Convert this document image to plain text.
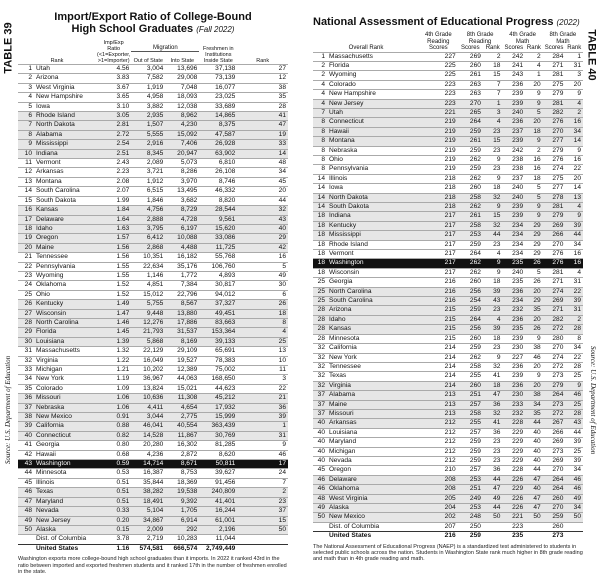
TABLE 39	TABLE 40
Source: U.S. Department of Education	Source: U.S. Department of Education
Import/Export Ratio of College-Bound
High School Graduates (Fall 2022)
Rank		Imp/Exp Ratio (<1=Exporter, >1=Importer)	Migration		Freshmen in Institutions Inside State	Rank
			Out of State	Into State		
1	Utah	4.56	3,004	13,696	37,138	27
2	Arizona	3.83	7,582	29,008	73,139	12
3	West Virginia	3.67	1,919	7,048	16,077	38
4	New Hampshire	3.65	4,958	18,093	23,025	35
5	Iowa	3.10	3,882	12,038	33,689	28
6	Rhode Island	3.05	2,935	8,962	14,865	41
7	North Dakota	2.81	1,507	4,230	8,375	47
8	Alabama	2.72	5,555	15,092	47,587	19
9	Mississippi	2.54	2,916	7,406	26,928	33
10	Indiana	2.51	8,345	20,947	63,902	14
11	Vermont	2.43	2,089	5,073	6,810	48
12	Arkansas	2.23	3,721	8,286	26,108	34
13	Montana	2.08	1,912	3,970	8,746	45
14	South Carolina	2.07	6,515	13,495	46,332	20
15	South Dakota	1.99	1,846	3,682	8,820	44
16	Kansas	1.84	4,756	8,729	28,544	32
17	Delaware	1.64	2,888	4,728	9,561	43
18	Idaho	1.63	3,795	6,197	15,620	40
19	Oregon	1.57	6,412	10,088	33,086	29
20	Maine	1.56	2,868	4,488	11,725	42
21	Tennessee	1.56	10,351	16,182	55,768	16
22	Pennsylvania	1.55	22,634	35,176	106,760	5
23	Wyoming	1.55	1,146	1,772	4,893	49
24	Oklahoma	1.52	4,851	7,384	30,817	30
25	Ohio	1.52	15,012	22,796	94,012	6
26	Kentucky	1.49	5,755	8,567	37,327	26
27	Wisconsin	1.47	9,448	13,880	49,451	18
28	North Carolina	1.46	12,276	17,886	83,663	8
29	Florida	1.45	21,793	31,537	153,364	4
30	Louisiana	1.39	5,868	8,169	39,133	25
31	Massachusetts	1.32	22,129	29,109	65,691	13
32	Virginia	1.22	16,049	19,527	78,383	10
33	Michigan	1.21	10,202	12,389	75,002	11
34	New York	1.19	36,967	44,063	168,650	3
35	Colorado	1.09	13,824	15,021	44,623	22
36	Missouri	1.06	10,636	11,308	45,212	21
37	Nebraska	1.06	4,411	4,654	17,932	36
38	New Mexico	0.91	3,044	2,775	15,999	39
39	California	0.88	46,041	40,554	363,439	1
40	Connecticut	0.82	14,528	11,867	30,769	31
41	Georgia	0.80	20,280	16,302	81,285	9
42	Hawaii	0.68	4,236	2,872	8,620	46
43	Washington	0.59	14,714	8,671	50,811	17
44	Minnesota	0.53	16,387	8,753	39,627	24
45	Illinois	0.51	35,844	18,369	91,456	7
46	Texas	0.51	38,282	19,538	240,809	2
47	Maryland	0.51	18,491	9,392	41,401	23
48	Nevada	0.33	5,104	1,705	16,244	37
49	New Jersey	0.20	34,867	6,914	61,001	15
50	Alaska	0.15	2,009	292	2,196	50
	Dist. of Columbia	3.78	2,719	10,283	11,044	
	United States	1.16	574,581	666,574	2,749,449	
Washington exports more college-bound high school graduates than it imports. In 2022 it ranked 43rd in the ratio between imported and exported freshmen students and it ranked 17th in the number of freshmen enrolled in the state.
National Assessment of Educational Progress (2022)
		4th Grade Reading	8th Grade Reading		4th Grade Math		8th Grade Math	
Overall Rank		Scores	Scores	Rank	Scores	Rank	Scores	Rank
1	Massachusetts	227	269	2	242	2	284	1
2	Florida	225	260	18	241	4	271	31
2	Wyoming	225	261	15	243	1	281	3
4	Colorado	223	263	7	236	20	275	20
4	New Hampshire	223	263	7	239	9	279	9
4	New Jersey	223	270	1	239	9	281	4
7	Utah	221	265	3	240	5	282	2
8	Connecticut	219	264	4	236	20	276	16
8	Hawaii	219	259	23	237	18	270	34
8	Montana	219	261	15	239	9	277	14
8	Nebraska	219	259	23	242	2	279	9
8	Ohio	219	262	9	238	16	276	16
8	Pennsylvania	219	259	23	238	16	274	22
14	Illinois	218	262	9	237	18	275	20
14	Iowa	218	260	18	240	5	277	14
14	North Dakota	218	258	32	240	5	278	13
14	South Dakota	218	262	9	239	9	281	4
18	Indiana	217	261	15	239	9	279	9
18	Kentucky	217	258	32	234	29	269	39
18	Mississippi	217	253	44	234	29	266	44
18	Rhode Island	217	259	23	234	29	270	34
18	Vermont	217	264	4	234	29	276	16
18	Washington	217	262	9	235	26	276	16
18	Wisconsin	217	262	9	240	5	281	4
25	Georgia	216	260	18	235	26	271	31
25	North Carolina	216	256	39	236	20	274	22
25	South Carolina	216	254	43	234	29	269	39
28	Arizona	215	259	23	232	35	271	31
28	Idaho	215	264	4	236	20	282	2
28	Kansas	215	256	39	235	26	272	28
28	Minnesota	215	260	18	239	9	280	8
32	California	214	259	23	230	38	270	34
32	New York	214	262	9	227	46	274	22
32	Tennessee	214	258	32	236	20	272	28
32	Texas	214	255	41	239	9	273	25
32	Virginia	214	260	18	236	20	279	9
37	Alabama	213	251	47	230	38	264	46
37	Maine	213	257	36	233	34	273	25
37	Missouri	213	258	32	232	35	272	28
40	Arkansas	212	255	41	228	44	267	43
40	Louisiana	212	257	36	229	40	266	44
40	Maryland	212	259	23	229	40	269	39
40	Michigan	212	259	23	229	40	273	25
40	Nevada	212	259	23	229	40	269	39
45	Oregon	210	257	36	228	44	270	34
46	Delaware	208	253	44	226	47	264	46
46	Oklahoma	208	251	47	229	40	264	46
48	West Virginia	205	249	49	226	47	260	49
49	Alaska	204	253	44	226	47	270	34
50	New Mexico	202	248	50	221	50	259	50
	Dist. of Columbia	207	250		223		260	
	United States	216	259		235		273	
The National Assessment of Educational Progress (NAEP) is a standardized test administered to students in selected public schools across the nation. Students in Washington State rank much higher in 8th grade reading and math than in 4th grade reading and math.
